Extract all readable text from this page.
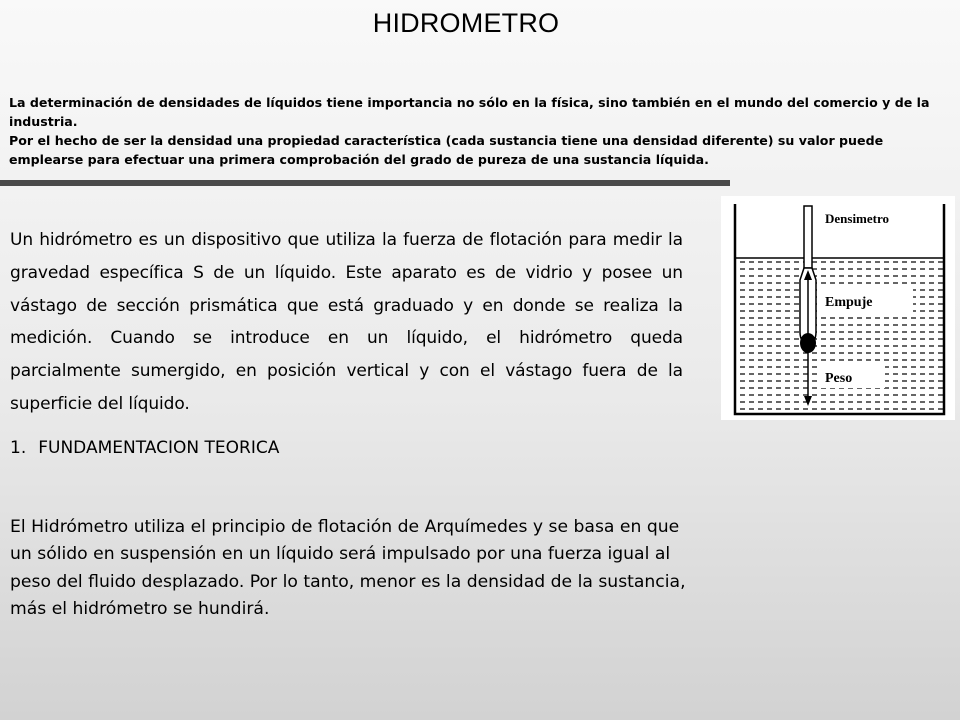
HIDROMETRO

La determinación de densidades de líquidos tiene importancia no sólo en la física, sino también en el mundo del comercio y de la industria.

Por el hecho de ser la densidad una propiedad característica (cada sustancia tiene una densidad diferente) su valor puede emplearse para efectuar una primera comprobación del grado de pureza de una sustancia líquida.

Un hidrómetro es un dispositivo que utiliza la fuerza de flotación para medir la gravedad específica S de un líquido. Este aparato es de vidrio y posee un vástago de sección prismática que está graduado y en donde se realiza la medición. Cuando se introduce en un líquido, el hidrómetro queda parcialmente sumergido, en posición vertical y con el vástago fuera de la superficie del líquido.

Densimetro
Empuje
Peso
1. FUNDAMENTACION TEORICA

El Hidrómetro utiliza el principio de flotación de Arquímedes y se basa en que un sólido en suspensión en un líquido será impulsado por una fuerza igual al peso del fluido desplazado. Por lo tanto, menor es la densidad de la sustancia, más el hidrómetro se hundirá.
